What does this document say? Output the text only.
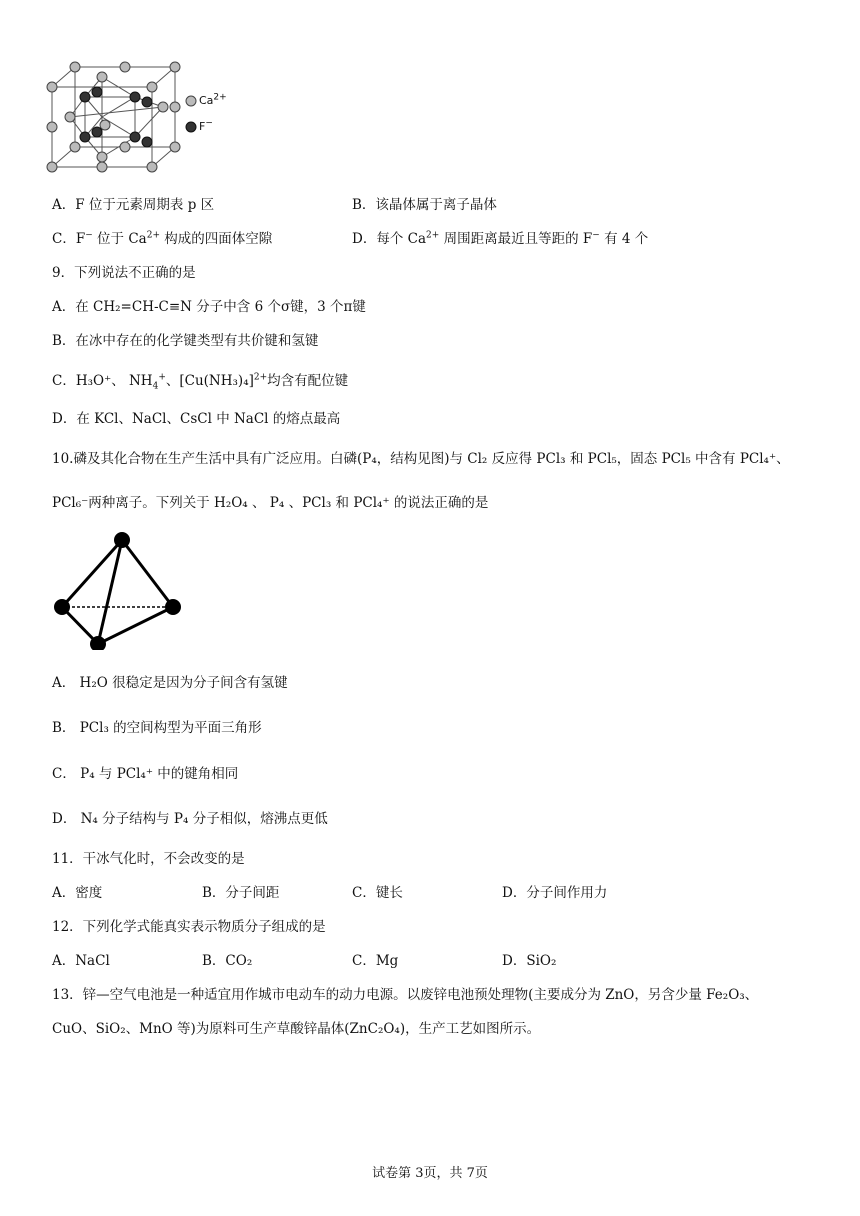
$Ca^{2+}$
F−
A．F 位于元素周期表 p 区	B．该晶体属于离子晶体
C．F− 位于 $Ca^{2+}$ 构成的四面体空隙	D．每个 $Ca^{2+}$ 周围距离最近且等距的 F− 有 4 个
9．下列说法不正确的是
A．在 CH₂=CH-C≡N 分子中含 6 个σ键，3 个π键
B．在冰中存在的化学键类型有共价键和氢键
C．H₃O⁺、 $NH_4^+$、$[Cu(NH_3)_4]^{2+}$均含有配位键
D．在 KCl、NaCl、CsCl 中 NaCl 的熔点最高
10.磷及其化合物在生产生活中具有广泛应用。白磷(P₄，结构见图)与 Cl₂ 反应得 PCl₃ 和 PCl₅，固态 PCl₅ 中含有 PCl₄⁺、
PCl₆⁻两种离子。下列关于 H₂O₄ 、 P₄ 、PCl₃ 和 PCl₄⁺ 的说法正确的是
A． H₂O 很稳定是因为分子间含有氢键
B． PCl₃ 的空间构型为平面三角形
C． P₄ 与 PCl₄⁺ 中的键角相同
D． N₄ 分子结构与 P₄ 分子相似，熔沸点更低
11．干冰气化时，不会改变的是
A．密度	B．分子间距	C．键长	D．分子间作用力
12．下列化学式能真实表示物质分子组成的是
A．NaCl	B．CO₂	C．Mg	D．SiO₂
13．锌—空气电池是一种适宜用作城市电动车的动力电源。以废锌电池预处理物(主要成分为 ZnO，另含少量 Fe₂O₃、
CuO、SiO₂、MnO 等)为原料可生产草酸锌晶体(ZnC₂O₄)，生产工艺如图所示。
试卷第 3页，共 7页
